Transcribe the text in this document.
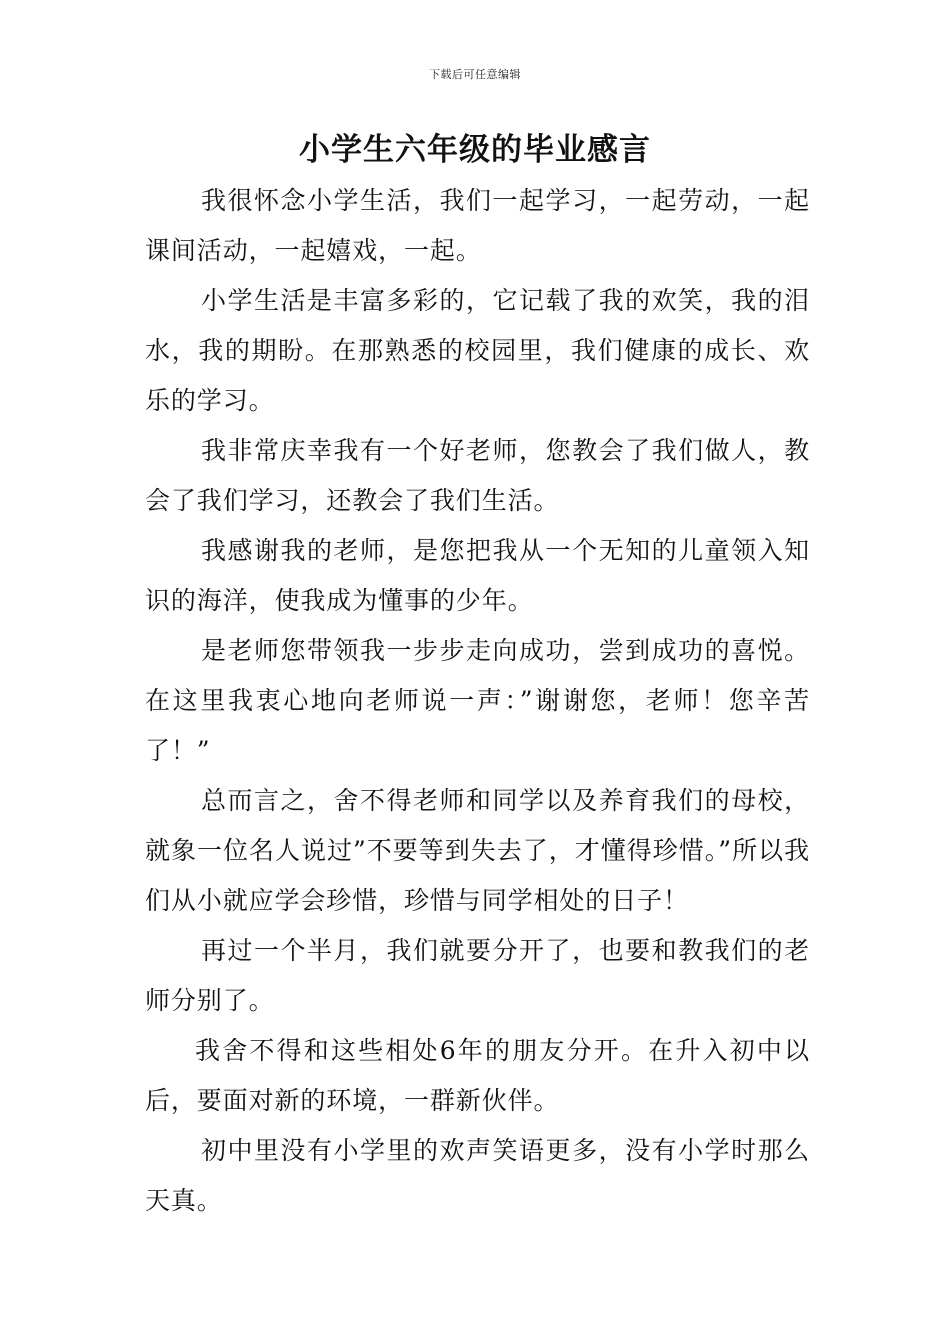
下载后可任意编辑
小学生六年级的毕业感言

我很怀念小学生活，我们一起学习，一起劳动，一起课间活动，一起嬉戏，一起。

小学生活是丰富多彩的，它记载了我的欢笑，我的泪水，我的期盼。在那熟悉的校园里，我们健康的成长、欢乐的学习。

我非常庆幸我有一个好老师，您教会了我们做人，教会了我们学习，还教会了我们生活。

我感谢我的老师，是您把我从一个无知的儿童领入知识的海洋，使我成为懂事的少年。

是老师您带领我一步步走向成功，尝到成功的喜悦。在这里我衷心地向老师说一声：”谢谢您，老师！您辛苦了！”

总而言之，舍不得老师和同学以及养育我们的母校，就象一位名人说过”不要等到失去了，才懂得珍惜。”所以我们从小就应学会珍惜，珍惜与同学相处的日子！

再过一个半月，我们就要分开了，也要和教我们的老师分别了。

我舍不得和这些相处6年的朋友分开。在升入初中以后，要面对新的环境，一群新伙伴。

初中里没有小学里的欢声笑语更多，没有小学时那么天真。
